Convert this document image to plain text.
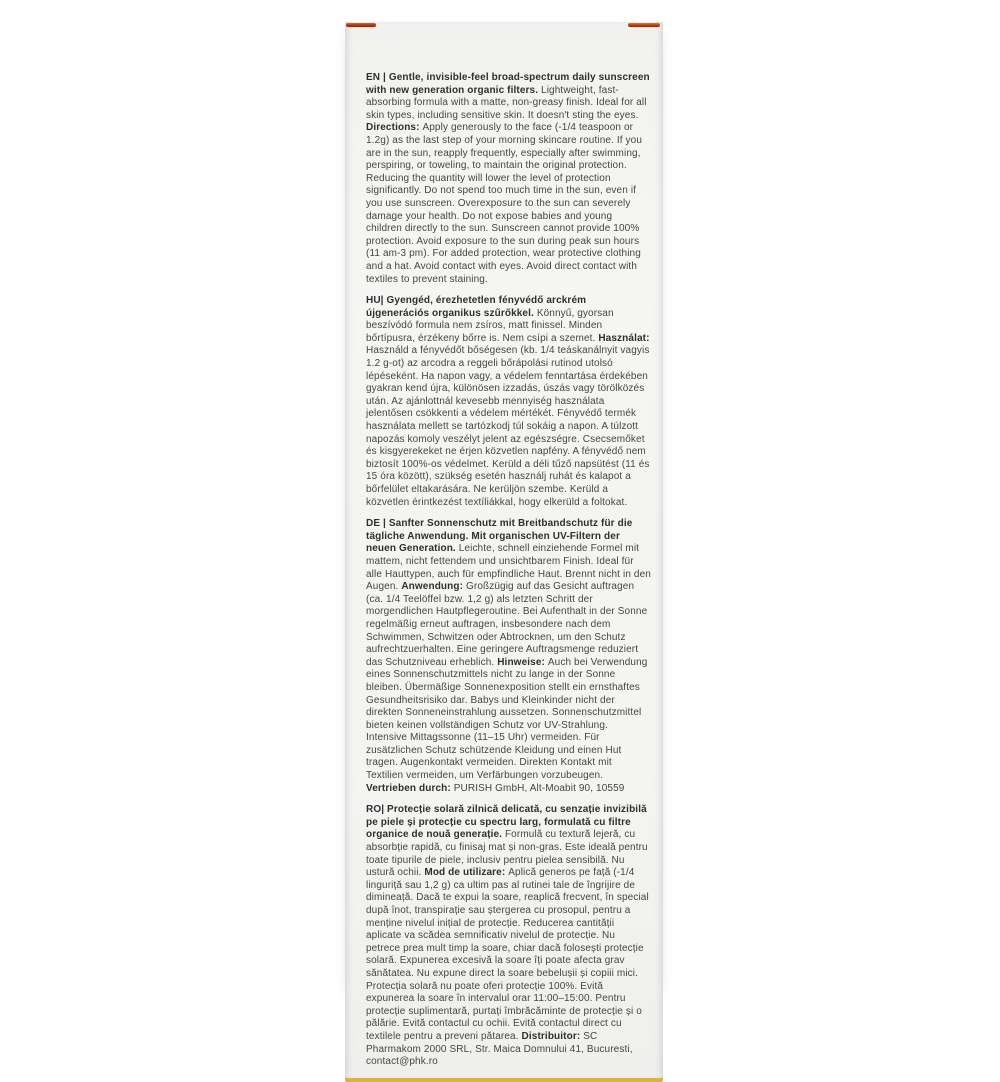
EN | Gentle, invisible-feel broad-spectrum daily sunscreen with new generation organic filters. Lightweight, fast-absorbing formula with a matte, non-greasy finish. Ideal for all skin types, including sensitive skin. It doesn't sting the eyes. Directions: Apply generously to the face (-1/4 teaspoon or 1.2g) as the last step of your morning skincare routine. If you are in the sun, reapply frequently, especially after swimming, perspiring, or toweling, to maintain the original protection. Reducing the quantity will lower the level of protection significantly. Do not spend too much time in the sun, even if you use sunscreen. Overexposure to the sun can severely damage your health. Do not expose babies and young children directly to the sun. Sunscreen cannot provide 100% protection. Avoid exposure to the sun during peak sun hours (11 am-3 pm). For added protection, wear protective clothing and a hat. Avoid contact with eyes. Avoid direct contact with textiles to prevent staining.

HU| Gyengéd, érezhetetlen fényvédő arckrém újgenerációs organikus szűrőkkel. Könnyű, gyorsan beszívódó formula nem zsíros, matt finissel. Minden bőrtípusra, érzékeny bőrre is. Nem csípi a szemet. Használat: Használd a fényvédőt bőségesen (kb. 1/4 teáskanálnyit vagyis 1.2 g-ot) az arcodra a reggeli bőrápolási rutinod utolsó lépéseként. Ha napon vagy, a védelem fenntartása érdekében gyakran kend újra, különösen izzadás, úszás vagy törölközés után. Az ajánlottnál kevesebb mennyiség használata jelentősen csökkenti a védelem mértékét. Fényvédő termék használata mellett se tartózkodj túl sokáig a napon. A túlzott napozás komoly veszélyt jelent az egészségre. Csecsemőket és kisgyerekeket ne érjen közvetlen napfény. A fényvédő nem biztosít 100%-os védelmet. Kerüld a déli tűző napsütést (11 és 15 óra között), szükség esetén használj ruhát és kalapot a bőrfelület eltakarására. Ne kerüljön szembe. Kerüld a közvetlen érintkezést textíliákkal, hogy elkerüld a foltokat.

DE | Sanfter Sonnenschutz mit Breitbandschutz für die tägliche Anwendung. Mit organischen UV-Filtern der neuen Generation. Leichte, schnell einziehende Formel mit mattem, nicht fettendem und unsichtbarem Finish. Ideal für alle Hauttypen, auch für empfindliche Haut. Brennt nicht in den Augen. Anwendung: Großzügig auf das Gesicht auftragen (ca. 1/4 Teelöffel bzw. 1,2 g) als letzten Schritt der morgendlichen Hautpflegeroutine. Bei Aufenthalt in der Sonne regelmäßig erneut auftragen, insbesondere nach dem Schwimmen, Schwitzen oder Abtrocknen, um den Schutz aufrechtzuerhalten. Eine geringere Auftragsmenge reduziert das Schutzniveau erheblich. Hinweise: Auch bei Verwendung eines Sonnenschutzmittels nicht zu lange in der Sonne bleiben. Übermäßige Sonnenexposition stellt ein ernsthaftes Gesundheitsrisiko dar. Babys und Kleinkinder nicht der direkten Sonneneinstrahlung aussetzen. Sonnenschutzmittel bieten keinen vollständigen Schutz vor UV-Strahlung. Intensive Mittagssonne (11–15 Uhr) vermeiden. Für zusätzlichen Schutz schützende Kleidung und einen Hut tragen. Augenkontakt vermeiden. Direkten Kontakt mit Textilien vermeiden, um Verfärbungen vorzubeugen. Vertrieben durch: PURISH GmbH, Alt-Moabit 90, 10559

RO| Protecție solară zilnică delicată, cu senzație invizibilă pe piele și protecție cu spectru larg, formulată cu filtre organice de nouă generație. Formulă cu textură lejeră, cu absorbție rapidă, cu finisaj mat și non-gras. Este ideală pentru toate tipurile de piele, inclusiv pentru pielea sensibilă. Nu ustură ochii. Mod de utilizare: Aplică generos pe față (-1/4 linguriță sau 1,2 g) ca ultim pas al rutinei tale de îngrijire de dimineață. Dacă te expui la soare, reaplică frecvent, în special după înot, transpirație sau ștergerea cu prosopul, pentru a menține nivelul inițial de protecție. Reducerea cantității aplicate va scădea semnificativ nivelul de protecție. Nu petrece prea mult timp la soare, chiar dacă folosești protecție solară. Expunerea excesivă la soare îți poate afecta grav sănătatea. Nu expune direct la soare bebelușii și copiii mici. Protecția solară nu poate oferi protecție 100%. Evită expunerea la soare în intervalul orar 11:00–15:00. Pentru protecție suplimentară, purtați îmbrăcăminte de protecție și o pălărie. Evită contactul cu ochii. Evită contactul direct cu textilele pentru a preveni pătarea. Distribuitor: SC Pharmakom 2000 SRL, Str. Maica Domnului 41, Bucuresti, contact@phk.ro
